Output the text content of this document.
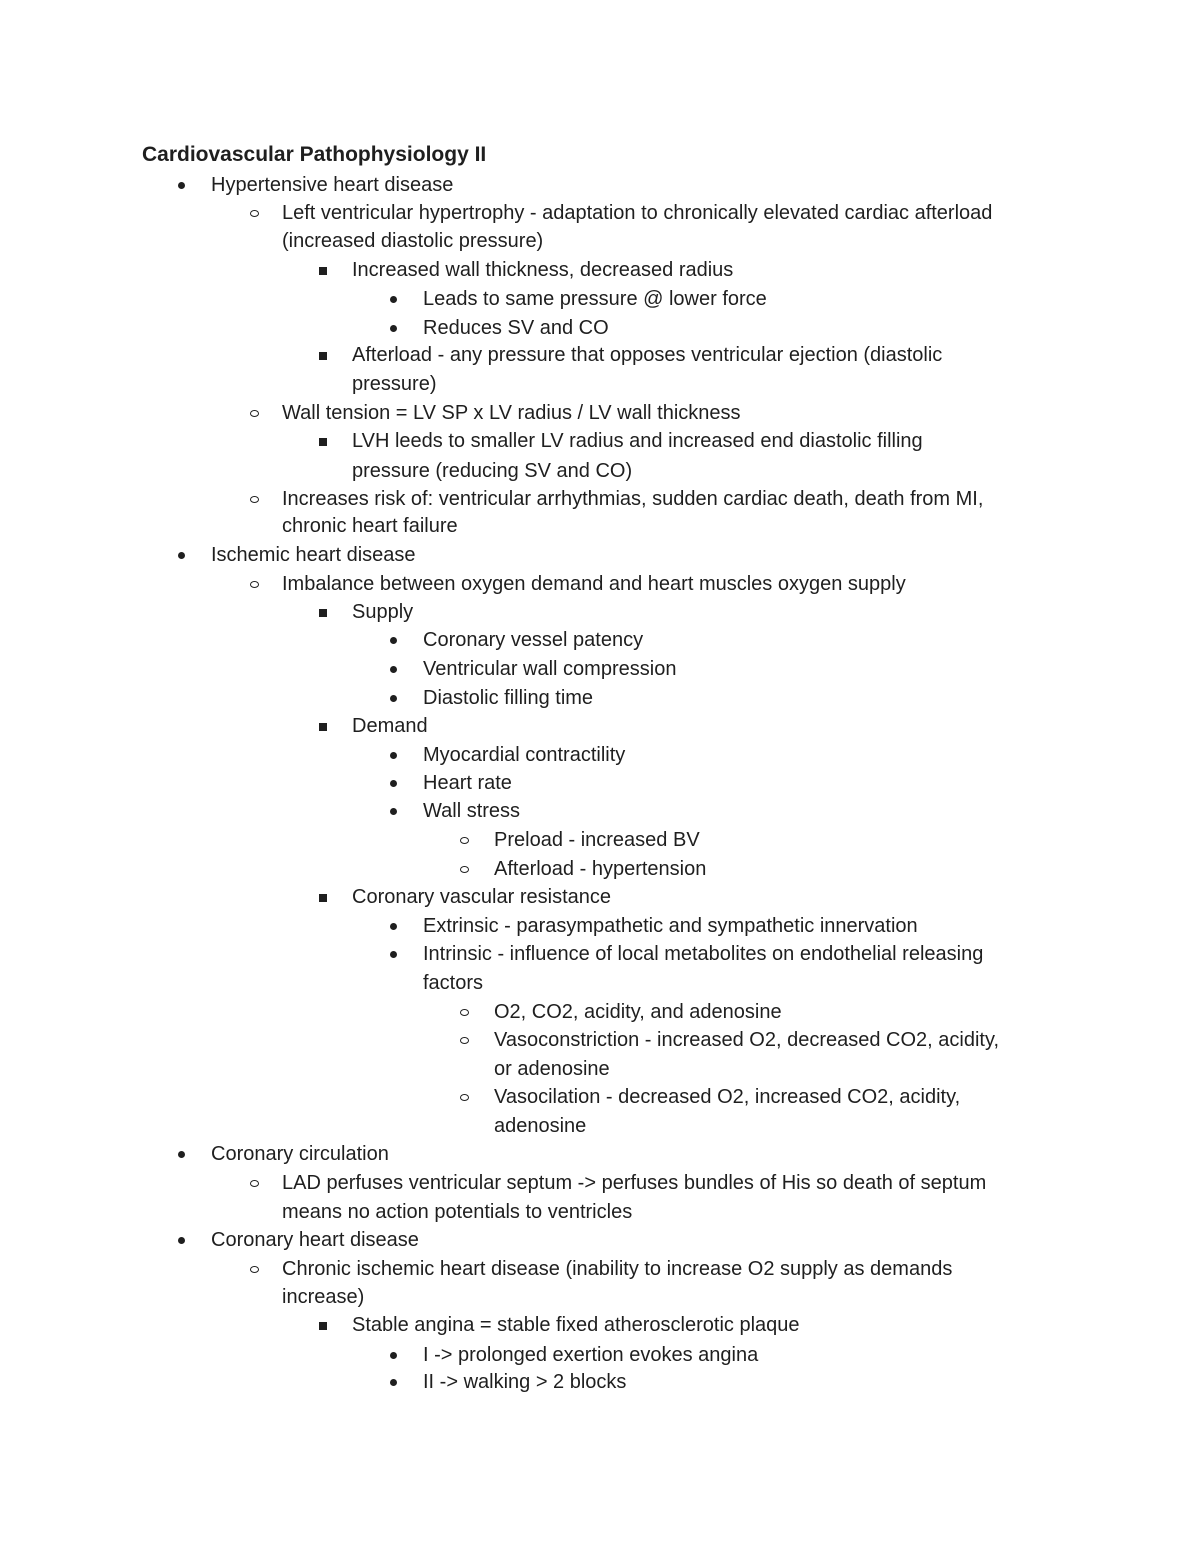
Cardiovascular Pathophysiology II
Hypertensive heart disease
Left ventricular hypertrophy - adaptation to chronically elevated cardiac afterload
(increased diastolic pressure)
Increased wall thickness, decreased radius
Leads to same pressure @ lower force
Reduces SV and CO
Afterload - any pressure that opposes ventricular ejection (diastolic
pressure)
Wall tension = LV SP x LV radius / LV wall thickness
LVH leeds to smaller LV radius and increased end diastolic filling
pressure (reducing SV and CO)
Increases risk of: ventricular arrhythmias, sudden cardiac death, death from MI,
chronic heart failure
Ischemic heart disease
Imbalance between oxygen demand and heart muscles oxygen supply
Supply
Coronary vessel patency
Ventricular wall compression
Diastolic filling time
Demand
Myocardial contractility
Heart rate
Wall stress
Preload - increased BV
Afterload - hypertension
Coronary vascular resistance
Extrinsic - parasympathetic and sympathetic innervation
Intrinsic - influence of local metabolites on endothelial releasing
factors
O2, CO2, acidity, and adenosine
Vasoconstriction - increased O2, decreased CO2, acidity,
or adenosine
Vasocilation - decreased O2, increased CO2, acidity,
adenosine
Coronary circulation
LAD perfuses ventricular septum -> perfuses bundles of His so death of septum
means no action potentials to ventricles
Coronary heart disease
Chronic ischemic heart disease (inability to increase O2 supply as demands
increase)
Stable angina = stable fixed atherosclerotic plaque
I -> prolonged exertion evokes angina
II -> walking > 2 blocks
